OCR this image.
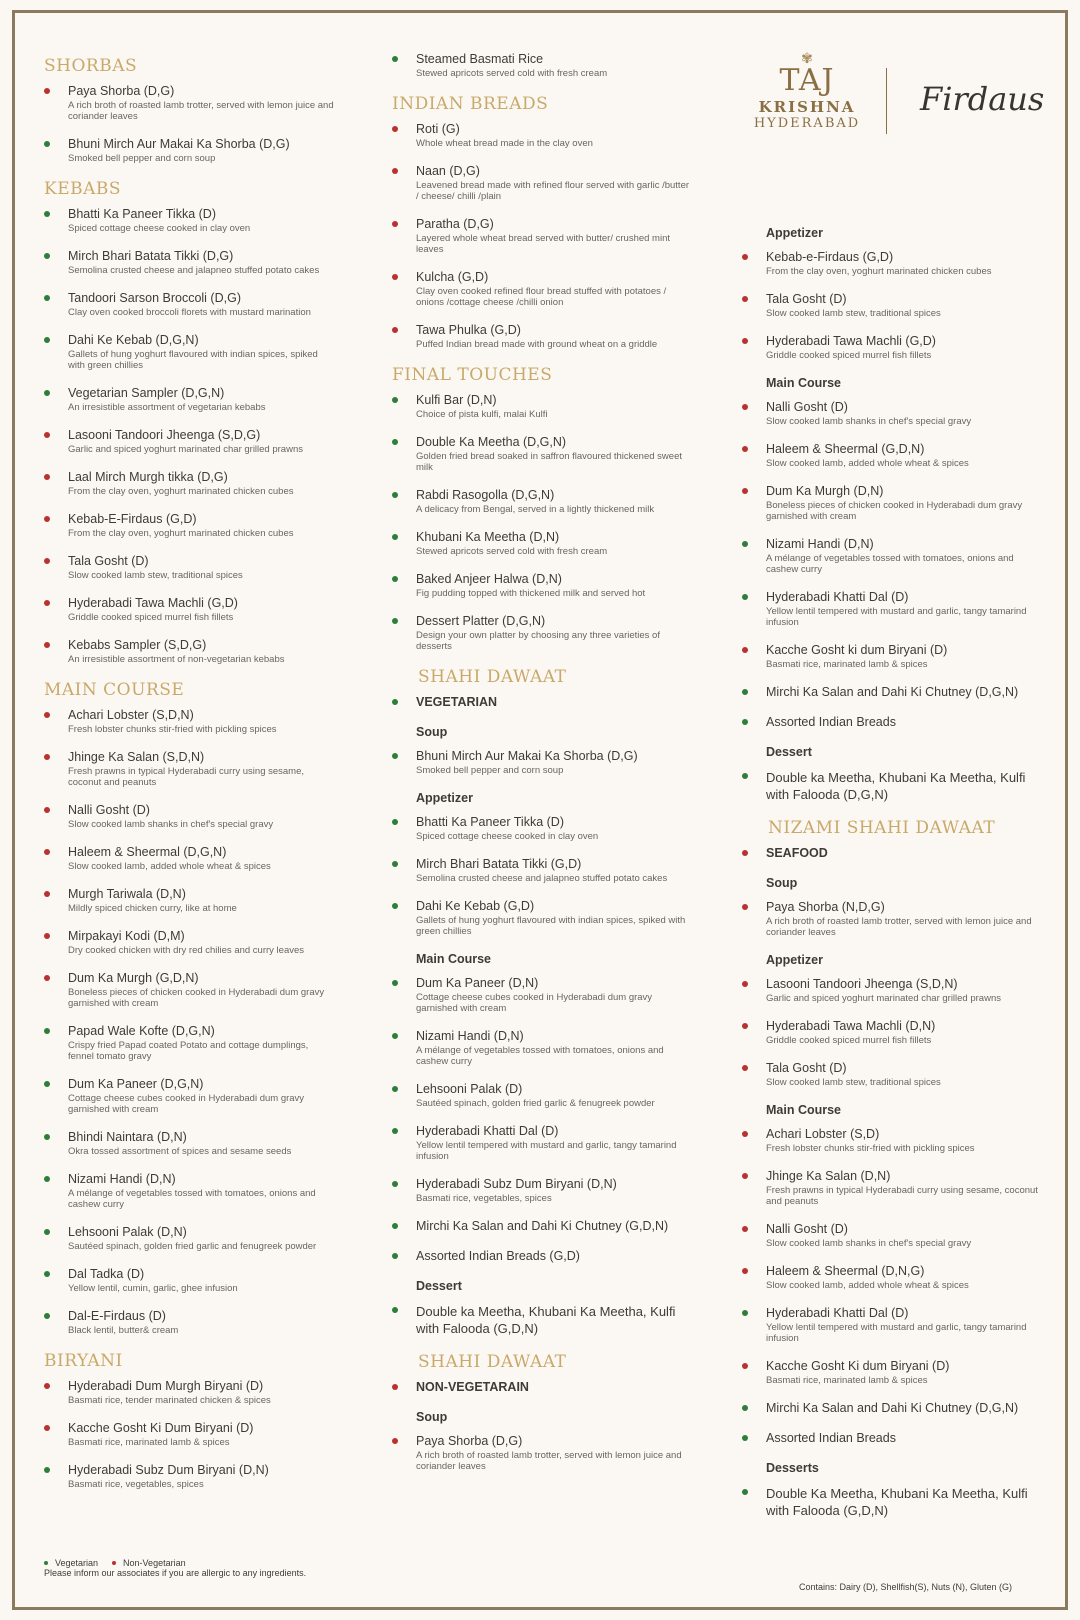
✾
TAJ
KRISHNA
HYDERABAD
Firdaus
SHORBAS
Paya Shorba (D,G)
A rich broth of roasted lamb trotter, served with lemon juice and coriander leaves
Bhuni Mirch Aur Makai Ka Shorba (D,G)
Smoked bell pepper and corn soup
KEBABS
Bhatti Ka Paneer Tikka (D)
Spiced cottage cheese cooked in clay oven
Mirch Bhari Batata Tikki (D,G)
Semolina crusted cheese and jalapneo stuffed potato cakes
Tandoori Sarson Broccoli (D,G)
Clay oven cooked broccoli florets with mustard marination
Dahi Ke Kebab (D,G,N)
Gallets of hung yoghurt flavoured with indian spices, spiked with green chillies
Vegetarian Sampler (D,G,N)
An irresistible assortment of vegetarian kebabs
Lasooni Tandoori Jheenga (S,D,G)
Garlic and spiced yoghurt marinated char grilled prawns
Laal Mirch Murgh tikka (D,G)
From the clay oven, yoghurt marinated chicken cubes
Kebab-E-Firdaus (G,D)
From the clay oven, yoghurt marinated chicken cubes
Tala Gosht (D)
Slow cooked lamb stew, traditional spices
Hyderabadi Tawa Machli (G,D)
Griddle cooked spiced murrel fish fillets
Kebabs Sampler (S,D,G)
An irresistible assortment of non-vegetarian kebabs
MAIN COURSE
Achari Lobster (S,D,N)
Fresh lobster chunks stir-fried with pickling spices
Jhinge Ka Salan (S,D,N)
Fresh prawns in typical Hyderabadi curry using sesame, coconut and peanuts
Nalli Gosht (D)
Slow cooked lamb shanks in chef's special gravy
Haleem & Sheermal (D,G,N)
Slow cooked lamb, added whole wheat & spices
Murgh Tariwala (D,N)
Mildly spiced chicken curry, like at home
Mirpakayi Kodi (D,M)
Dry cooked chicken with dry red chilies and curry leaves
Dum Ka Murgh (G,D,N)
Boneless pieces of chicken cooked in Hyderabadi dum gravy garnished with cream
Papad Wale Kofte (D,G,N)
Crispy fried Papad coated Potato and cottage dumplings, fennel tomato gravy
Dum Ka Paneer (D,G,N)
Cottage cheese cubes cooked in Hyderabadi dum gravy garnished with cream
Bhindi Naintara (D,N)
Okra tossed assortment of spices and sesame seeds
Nizami Handi (D,N)
A mélange of vegetables tossed with tomatoes, onions and cashew curry
Lehsooni Palak (D,N)
Sautéed spinach, golden fried garlic and fenugreek powder
Dal Tadka (D)
Yellow lentil, cumin, garlic, ghee infusion
Dal-E-Firdaus (D)
Black lentil, butter& cream
BIRYANI
Hyderabadi Dum Murgh Biryani (D)
Basmati rice, tender marinated chicken & spices
Kacche Gosht Ki Dum Biryani (D)
Basmati rice, marinated lamb & spices
Hyderabadi Subz Dum Biryani (D,N)
Basmati rice, vegetables, spices
Steamed Basmati Rice
Stewed apricots served cold with fresh cream
INDIAN BREADS
Roti (G)
Whole wheat bread made in the clay oven
Naan (D,G)
Leavened bread made with refined flour served with garlic /butter / cheese/ chilli /plain
Paratha (D,G)
Layered whole wheat bread served with butter/ crushed mint leaves
Kulcha (G,D)
Clay oven cooked refined flour bread stuffed with potatoes / onions /cottage cheese /chilli onion
Tawa Phulka (G,D)
Puffed Indian bread made with ground wheat on a griddle
FINAL TOUCHES
Kulfi Bar (D,N)
Choice of pista kulfi, malai Kulfi
Double Ka Meetha (D,G,N)
Golden fried bread soaked in saffron flavoured thickened sweet milk
Rabdi Rasogolla (D,G,N)
A delicacy from Bengal, served in a lightly thickened milk
Khubani Ka Meetha (D,N)
Stewed apricots served cold with fresh cream
Baked Anjeer Halwa (D,N)
Fig pudding topped with thickened milk and served hot
Dessert Platter (D,G,N)
Design your own platter by choosing any three varieties of desserts
SHAHI DAWAAT
VEGETARIAN
Soup
Bhuni Mirch Aur Makai Ka Shorba (D,G)
Smoked bell pepper and corn soup
Appetizer
Bhatti Ka Paneer Tikka (D)
Spiced cottage cheese cooked in clay oven
Mirch Bhari Batata Tikki (G,D)
Semolina crusted cheese and jalapneo stuffed potato cakes
Dahi Ke Kebab (G,D)
Gallets of hung yoghurt flavoured with indian spices, spiked with green chillies
Main Course
Dum Ka Paneer (D,N)
Cottage cheese cubes cooked in Hyderabadi dum gravy garnished with cream
Nizami Handi (D,N)
A mélange of vegetables tossed with tomatoes, onions and cashew curry
Lehsooni Palak (D)
Sautéed spinach, golden fried garlic & fenugreek powder
Hyderabadi Khatti Dal (D)
Yellow lentil tempered with mustard and garlic, tangy tamarind infusion
Hyderabadi Subz Dum Biryani (D,N)
Basmati rice, vegetables, spices
Mirchi Ka Salan and Dahi Ki Chutney (G,D,N)
Assorted Indian Breads (G,D)
Dessert
Double ka Meetha, Khubani Ka Meetha, Kulfi with Falooda (G,D,N)
SHAHI DAWAAT
NON-VEGETARAIN
Soup
Paya Shorba (D,G)
A rich broth of roasted lamb trotter, served with lemon juice and coriander leaves
Appetizer
Kebab-e-Firdaus (G,D)
From the clay oven, yoghurt marinated chicken cubes
Tala Gosht (D)
Slow cooked lamb stew, traditional spices
Hyderabadi Tawa Machli (G,D)
Griddle cooked spiced murrel fish fillets
Main Course
Nalli Gosht (D)
Slow cooked lamb shanks in chef's special gravy
Haleem & Sheermal (G,D,N)
Slow cooked lamb, added whole wheat & spices
Dum Ka Murgh (D,N)
Boneless pieces of chicken cooked in Hyderabadi dum gravy garnished with cream
Nizami Handi (D,N)
A mélange of vegetables tossed with tomatoes, onions and cashew curry
Hyderabadi Khatti Dal (D)
Yellow lentil tempered with mustard and garlic, tangy tamarind infusion
Kacche Gosht ki dum Biryani (D)
Basmati rice, marinated lamb & spices
Mirchi Ka Salan and Dahi Ki Chutney (D,G,N)
Assorted Indian Breads
Dessert
Double ka Meetha, Khubani Ka Meetha, Kulfi with Falooda (D,G,N)
NIZAMI SHAHI DAWAAT
SEAFOOD
Soup
Paya Shorba (N,D,G)
A rich broth of roasted lamb trotter, served with lemon juice and coriander leaves
Appetizer
Lasooni Tandoori Jheenga (S,D,N)
Garlic and spiced yoghurt marinated char grilled prawns
Hyderabadi Tawa Machli (D,N)
Griddle cooked spiced murrel fish fillets
Tala Gosht (D)
Slow cooked lamb stew, traditional spices
Main Course
Achari Lobster (S,D)
Fresh lobster chunks stir-fried with pickling spices
Jhinge Ka Salan (D,N)
Fresh prawns in typical Hyderabadi curry using sesame, coconut and peanuts
Nalli Gosht (D)
Slow cooked lamb shanks in chef's special gravy
Haleem & Sheermal (D,N,G)
Slow cooked lamb, added whole wheat & spices
Hyderabadi Khatti Dal (D)
Yellow lentil tempered with mustard and garlic, tangy tamarind infusion
Kacche Gosht Ki dum Biryani (D)
Basmati rice, marinated lamb & spices
Mirchi Ka Salan and Dahi Ki Chutney (D,G,N)
Assorted Indian Breads
Desserts
Double Ka Meetha, Khubani Ka Meetha, Kulfi with Falooda (G,D,N)
Vegetarian	Non-Vegetarian
Please inform our associates if you are allergic to any ingredients.
Contains: Dairy (D), Shellfish(S), Nuts (N), Gluten (G)
